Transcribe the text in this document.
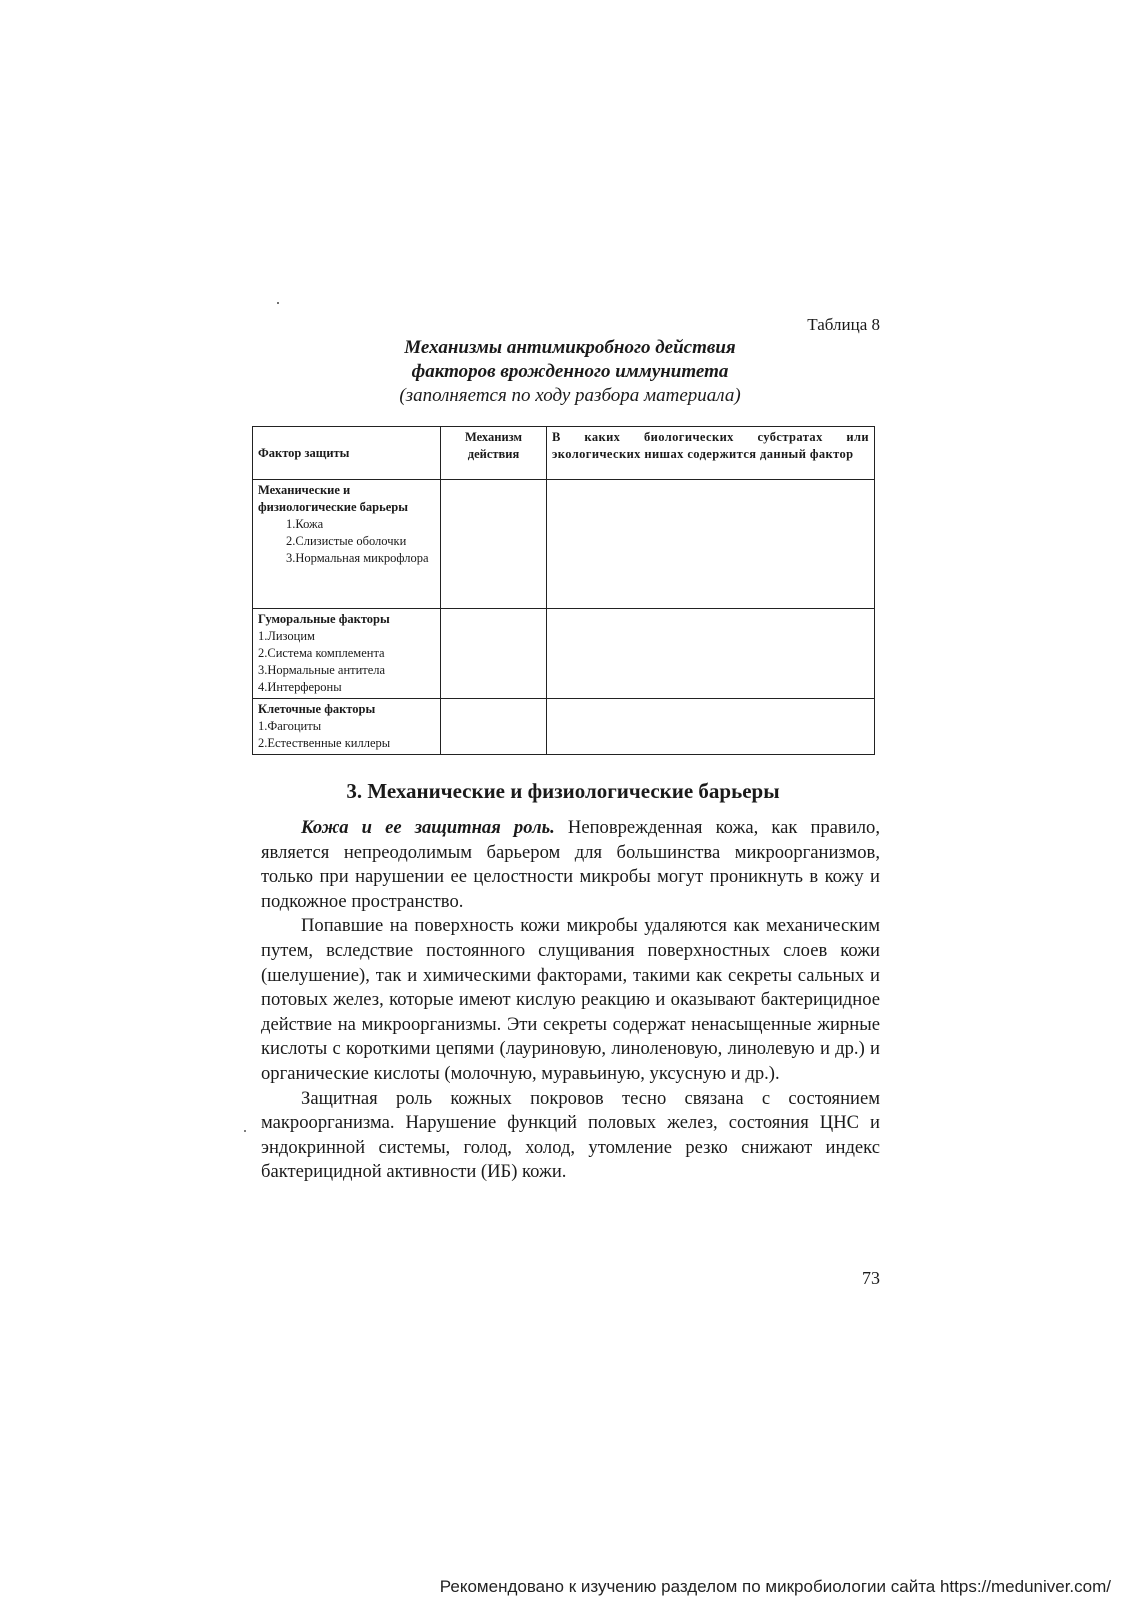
Таблица 8
Механизмы антимикробного действия
факторов врожденного иммунитета
(заполняется по ходу разбора материала)
Фактор защиты	Механизм действия	В каких биологических субстратах или экологических нишах содержится данный фактор

Механические и физиологические барьеры
1.Кожа
2.Слизистые оболочки
3.Нормальная микрофлора		

Гуморальные факторы
1.Лизоцим
2.Система комплемента
3.Нормальные антитела
4.Интерфероны		

Клеточные факторы
1.Фагоциты
2.Естественные киллеры		

3. Механические и физиологические барьеры

Кожа и ее защитная роль. Неповрежденная кожа, как правило, является непреодолимым барьером для большинства микроорганизмов, только при нарушении ее целостности микробы могут проникнуть в кожу и подкожное пространство.

Попавшие на поверхность кожи микробы удаляются как механическим путем, вследствие постоянного слущивания поверхностных слоев кожи (шелушение), так и химическими факторами, такими как секреты сальных и потовых желез, которые имеют кислую реакцию и оказывают бактерицидное действие на микроорганизмы. Эти секреты содержат ненасыщенные жирные кислоты с короткими цепями (лауриновую, линоленовую, линолевую и др.) и органические кислоты (молочную, муравьиную, уксусную и др.).

Защитная роль кожных покровов тесно связана с состоянием макроорганизма. Нарушение функций половых желез, состояния ЦНС и эндокринной системы, голод, холод, утомление резко снижают индекс бактерицидной активности (ИБ) кожи.

73
Рекомендовано к изучению разделом по микробиологии сайта https://meduniver.com/
